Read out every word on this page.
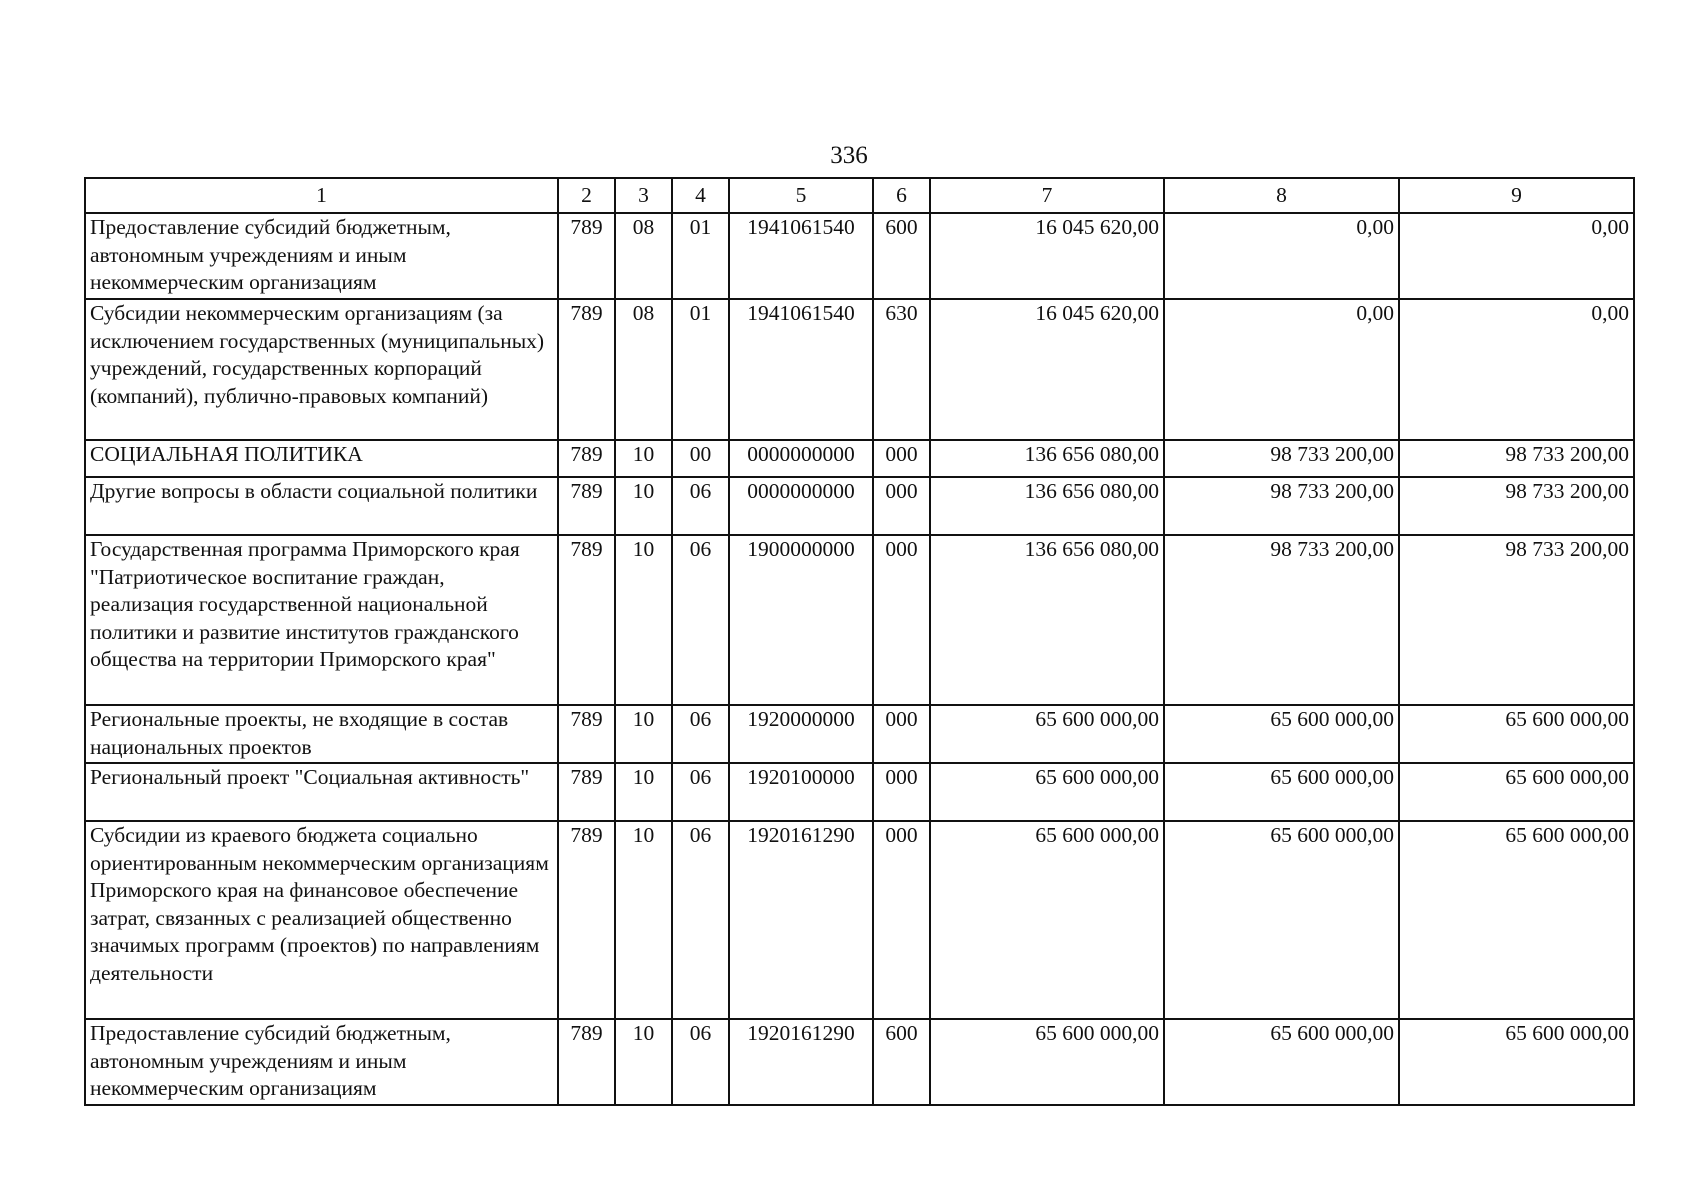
336
1	2	3	4	5	6	7	8	9
Предоставление субсидий бюджетным, автономным учреждениям и иным некоммерческим организациям	789	08	01	1941061540	600	16 045 620,00	0,00	0,00
Субсидии некоммерческим организациям (за исключением государственных (муниципальных) учреждений, государственных корпораций (компаний), публично-правовых компаний)	789	08	01	1941061540	630	16 045 620,00	0,00	0,00
СОЦИАЛЬНАЯ ПОЛИТИКА	789	10	00	0000000000	000	136 656 080,00	98 733 200,00	98 733 200,00
Другие вопросы в области социальной политики	789	10	06	0000000000	000	136 656 080,00	98 733 200,00	98 733 200,00
Государственная программа Приморского края "Патриотическое воспитание граждан, реализация государственной национальной политики и развитие институтов гражданского общества на территории Приморского края"	789	10	06	1900000000	000	136 656 080,00	98 733 200,00	98 733 200,00
Региональные проекты, не входящие в состав национальных проектов	789	10	06	1920000000	000	65 600 000,00	65 600 000,00	65 600 000,00
Региональный проект "Социальная активность"	789	10	06	1920100000	000	65 600 000,00	65 600 000,00	65 600 000,00
Субсидии из краевого бюджета социально ориентированным некоммерческим организациям Приморского края на финансовое обеспечение затрат, связанных с реализацией общественно значимых программ (проектов) по направлениям деятельности	789	10	06	1920161290	000	65 600 000,00	65 600 000,00	65 600 000,00
Предоставление субсидий бюджетным, автономным учреждениям и иным некоммерческим организациям	789	10	06	1920161290	600	65 600 000,00	65 600 000,00	65 600 000,00
